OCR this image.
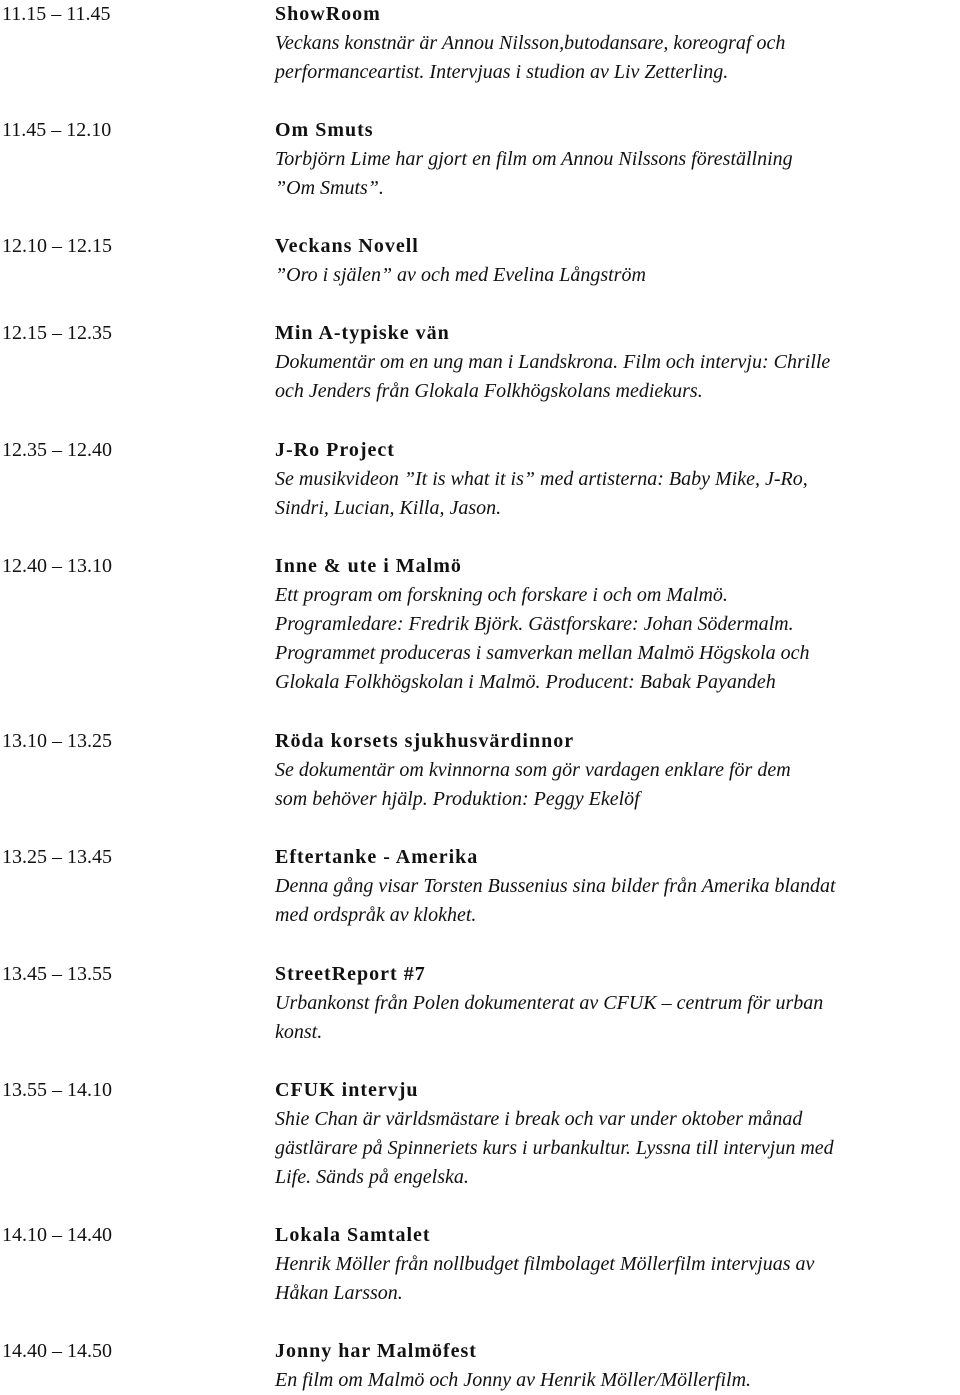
11.15 – 11.45	ShowRoom
Veckans konstnär är Annou Nilsson,butodansare, koreograf och
performanceartist. Intervjuas i studion av Liv Zetterling.
11.45 – 12.10	Om Smuts
Torbjörn Lime har gjort en film om Annou Nilssons föreställning
”Om Smuts”.
12.10 – 12.15	Veckans Novell
”Oro i själen” av och med Evelina Långström
12.15 – 12.35	Min A-typiske vän
Dokumentär om en ung man i Landskrona. Film och intervju: Chrille
och Jenders från Glokala Folkhögskolans mediekurs.
12.35 – 12.40	J-Ro Project
Se musikvideon ”It is what it is” med artisterna: Baby Mike, J-Ro,
Sindri, Lucian, Killa, Jason.
12.40 – 13.10	Inne & ute i Malmö
Ett program om forskning och forskare i och om Malmö.
Programledare: Fredrik Björk. Gästforskare: Johan Södermalm.
Programmet produceras i samverkan mellan Malmö Högskola och
Glokala Folkhögskolan i Malmö. Producent: Babak Payandeh
13.10 – 13.25	Röda korsets sjukhusvärdinnor
Se dokumentär om kvinnorna som gör vardagen enklare för dem
som behöver hjälp. Produktion: Peggy Ekelöf
13.25 – 13.45	Eftertanke - Amerika
Denna gång visar Torsten Bussenius sina bilder från Amerika blandat
med ordspråk av klokhet.
13.45 – 13.55	StreetReport #7
Urbankonst från Polen dokumenterat av CFUK – centrum för urban
konst.
13.55 – 14.10	CFUK intervju
Shie Chan är världsmästare i break och var under oktober månad
gästlärare på Spinneriets kurs i urbankultur. Lyssna till intervjun med
Life. Sänds på engelska.
14.10 – 14.40	Lokala Samtalet
Henrik Möller från nollbudget filmbolaget Möllerfilm intervjuas av
Håkan Larsson.
14.40 – 14.50	Jonny har Malmöfest
En film om Malmö och Jonny av Henrik Möller/Möllerfilm.
